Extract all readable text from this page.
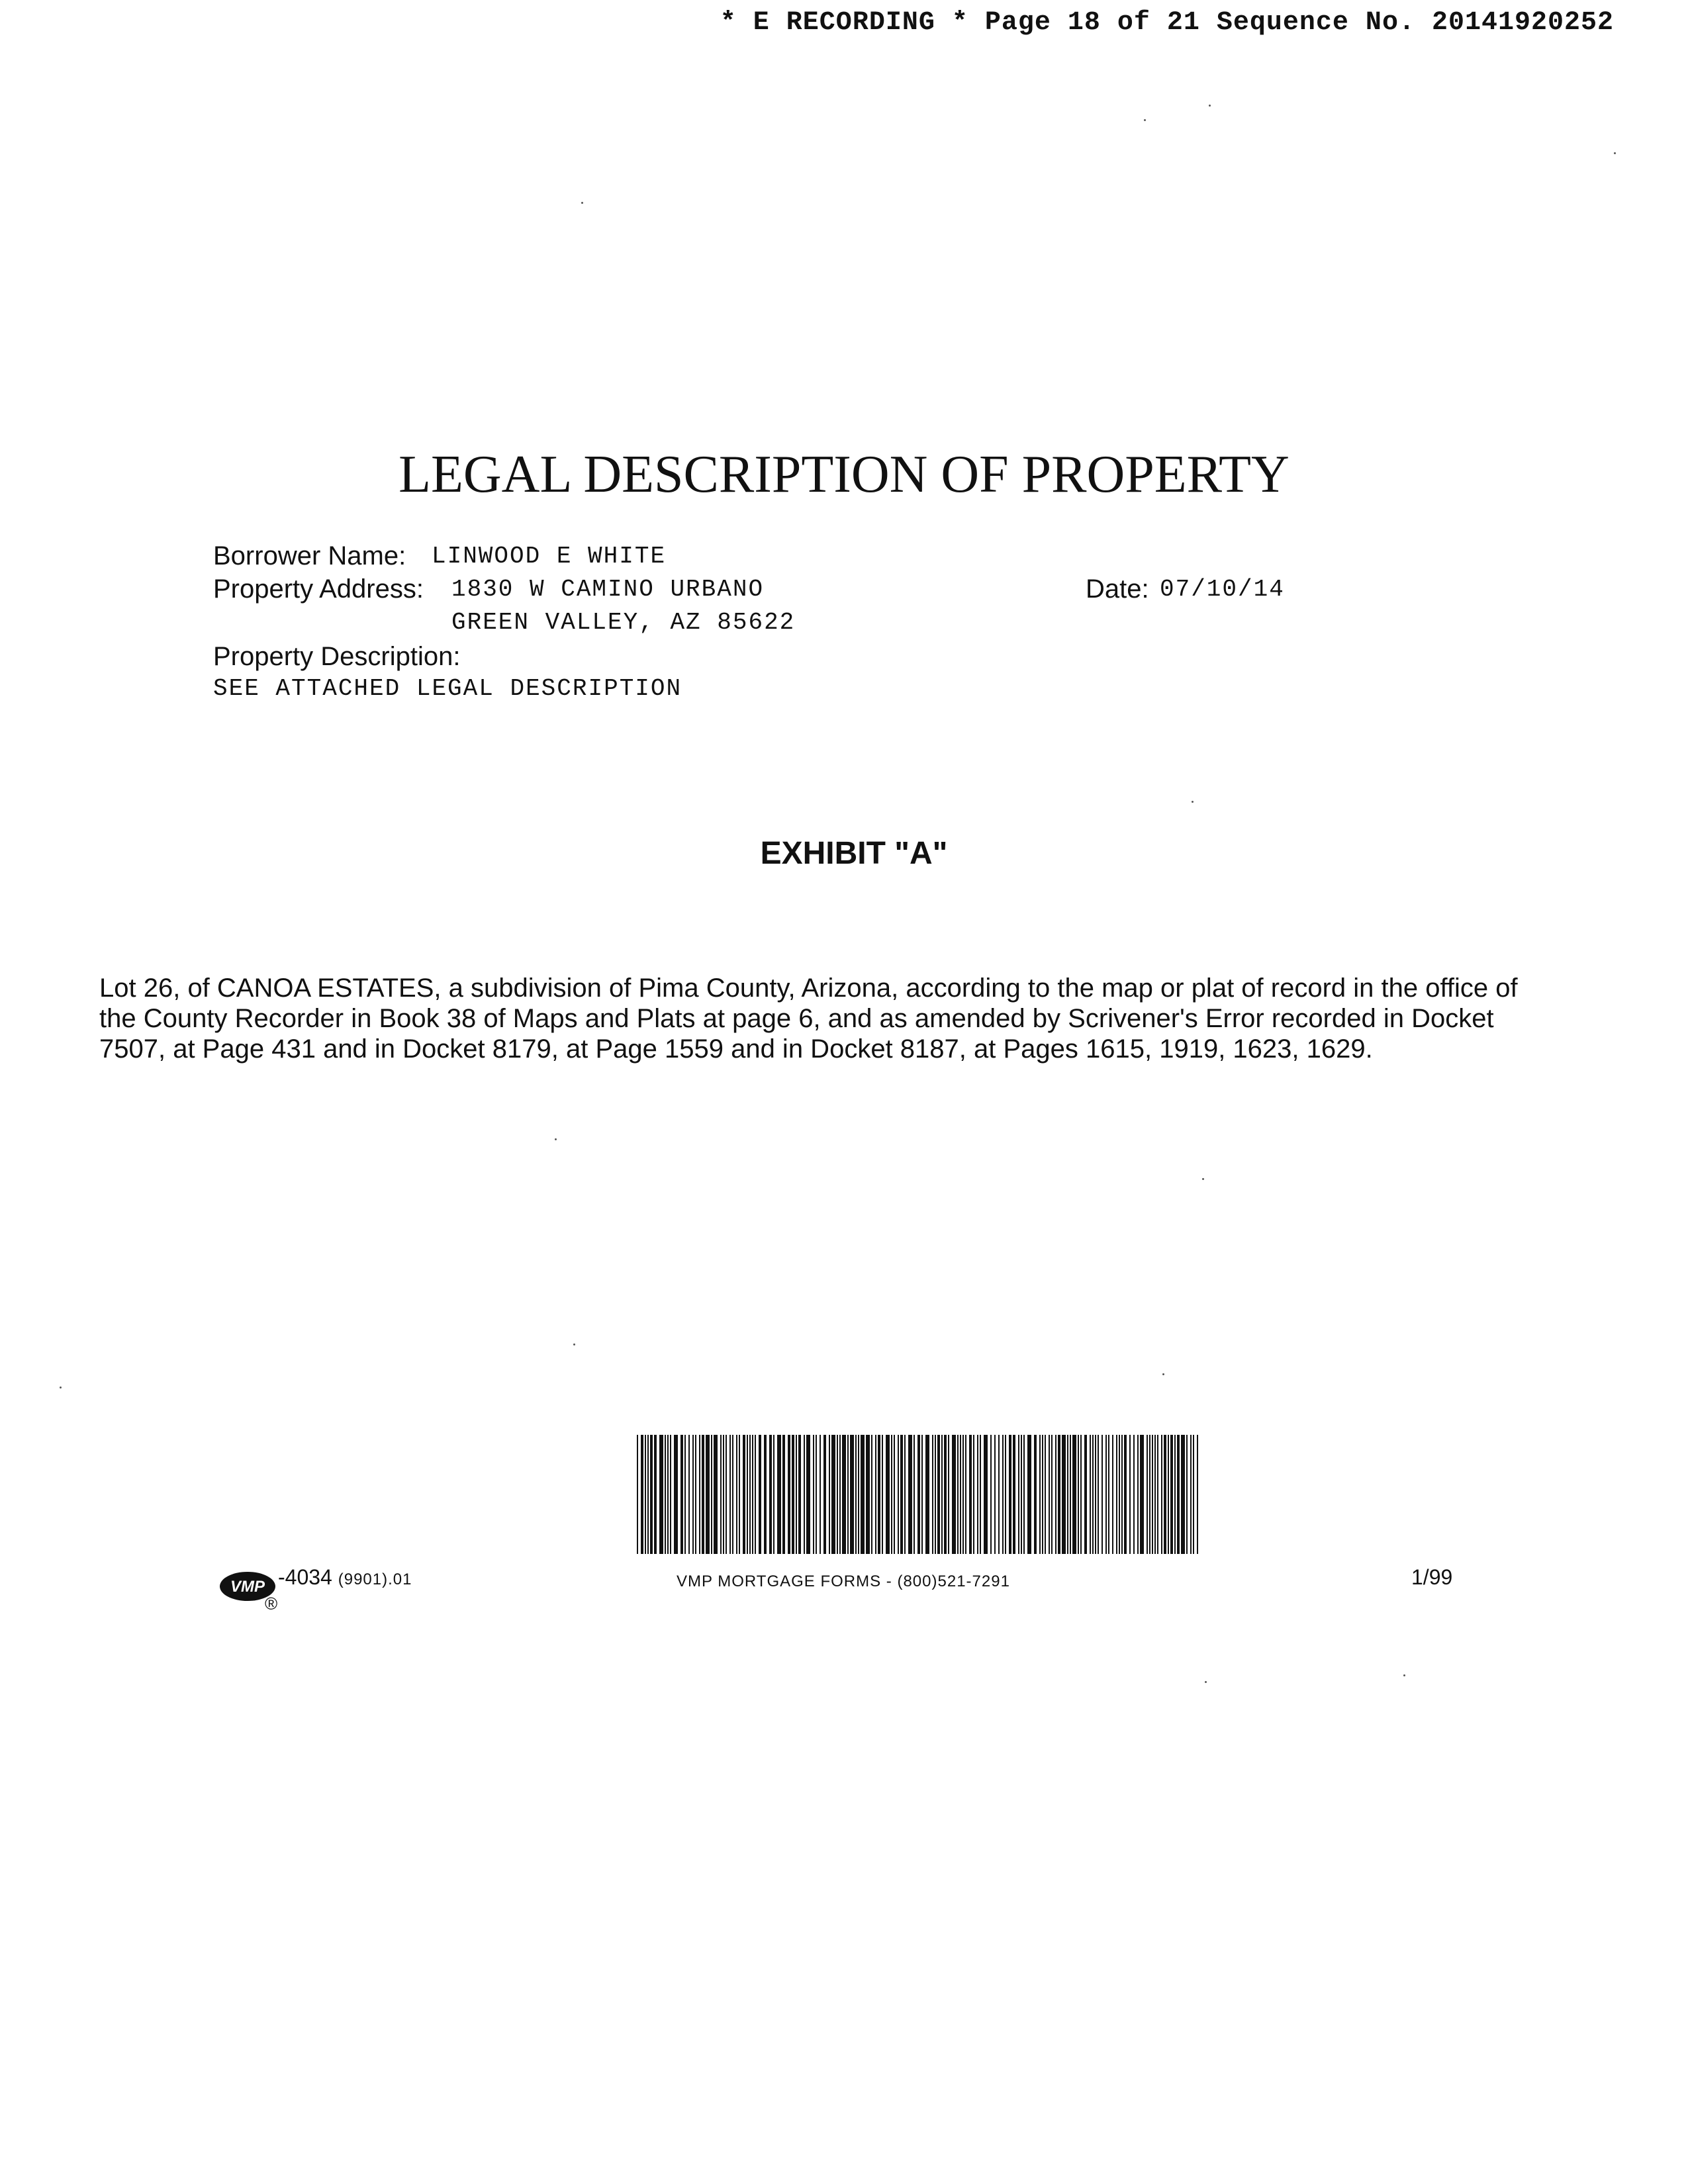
* E RECORDING * Page 18 of 21 Sequence No. 20141920252
LEGAL DESCRIPTION OF PROPERTY
Borrower Name: LINWOOD E WHITE
Property Address: 1830 W CAMINO URBANO
GREEN VALLEY, AZ 85622
Date: 07/10/14
Property Description:
SEE ATTACHED LEGAL DESCRIPTION
EXHIBIT "A"
Lot 26, of CANOA ESTATES, a subdivision of Pima County, Arizona, according to the map or plat of record in the office of
the County Recorder in Book 38 of Maps and Plats at page 6, and as amended by Scrivener's Error recorded in Docket
7507, at Page 431 and in Docket 8179, at Page 1559 and in Docket 8187, at Pages 1615, 1919, 1623, 1629.
VMP
®
-4034 (9901).01	VMP MORTGAGE FORMS - (800)521-7291	1/99
